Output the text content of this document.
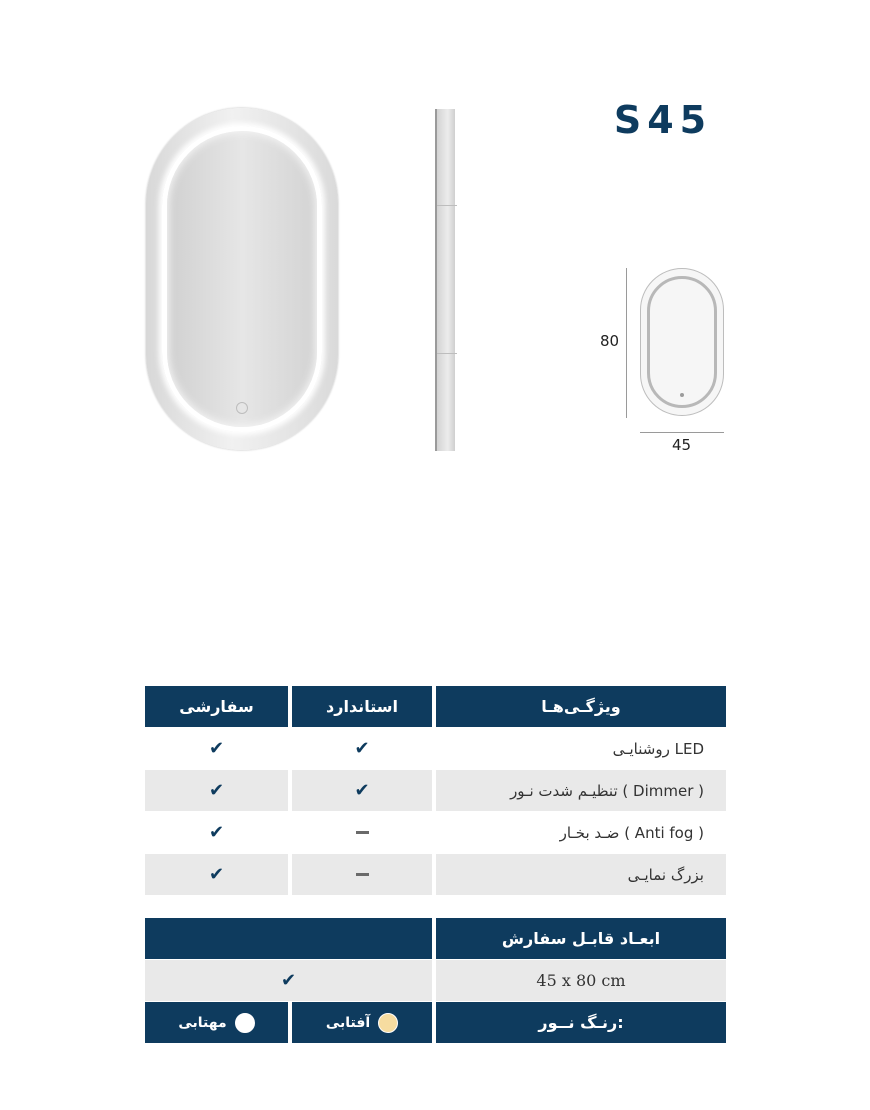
S45
80
45
ویژگـی‌هـا
استاندارد
سفارشی
روشنایـی LED
✔
✔
تنظیـم شدت نـور ( Dimmer )
✔
✔
ضـد بخـار ( Anti fog )
✔
بزرگ نمایـی
✔
ابعـاد قابـل سفارش
45 x 80 cm
✔
رنـگ نــور:
آفتابی
مهتابی
